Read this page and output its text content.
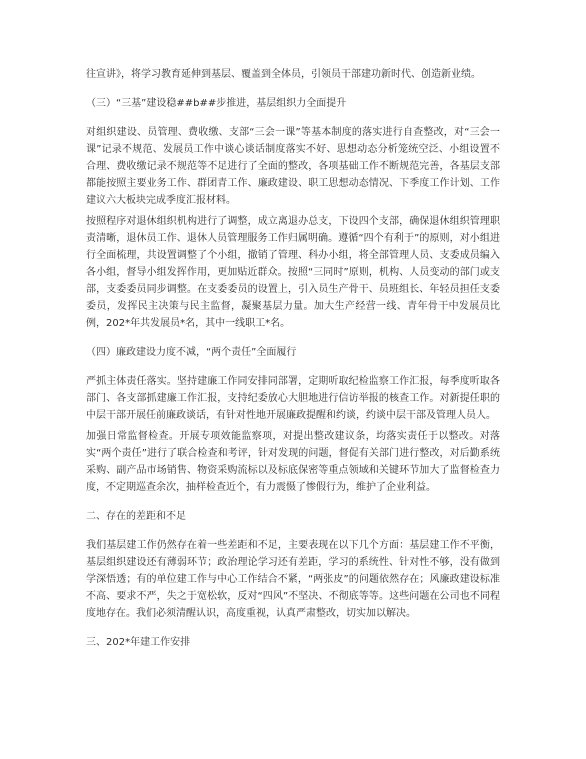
往宣讲》，将学习教育延伸到基层、覆盖到全体员，引领员干部建功新时代、创造新业绩。

（三）“三基”建设稳##b##步推进，基层组织力全面提升

对组织建设、员管理、费收缴、支部“三会一课”等基本制度的落实进行自查整改，对“三会一课”记录不规范、发展员工作中谈心谈话制度落实不好、思想动态分析笼统空泛、小组设置不合理、费收缴记录不规范等不足进行了全面的整改，各项基础工作不断规范完善，各基层支部都能按照主要业务工作、群团青工作、廉政建设、职工思想动态情况、下季度工作计划、工作建议六大板块完成季度汇报材料。

按照程序对退休组织机构进行了调整，成立离退办总支，下设四个支部，确保退休组织管理职责清晰，退休员工作、退休人员管理服务工作归属明确。遵循“四个有利于”的原则，对小组进行全面梳理，共设置调整了个小组，撤销了管理、科办小组，将全部管理人员、支委成员编入各小组，督导小组发挥作用，更加贴近群众。按照“三同时”原则，机构、人员变动的部门或支部，支委委员同步调整。在支委委员的设置上，引入员生产骨干、员班组长、年轻员担任支委委员，发挥民主决策与民主监督，凝聚基层力量。加大生产经营一线、青年骨干中发展员比例，202*年共发展员*名，其中一线职工*名。

（四）廉政建设力度不减，“两个责任”全面履行

严抓主体责任落实。坚持建廉工作同安排同部署，定期听取纪检监察工作汇报，每季度听取各部门、各支部抓建廉工作汇报，支持纪委放心大胆地进行信访举报的核查工作。对新提任职的中层干部开展任前廉政谈话，有针对性地开展廉政提醒和约谈，约谈中层干部及管理人员人。

加强日常监督检查。开展专项效能监察项，对提出整改建议条，均落实责任于以整改。对落实“两个责任”进行了联合检查和考评，针对发现的问题，督促有关部门进行整改，对后勤系统采购、副产品市场销售、物资采购流标以及标底保密等重点领域和关键环节加大了监督检查力度，不定期巡查余次，抽样检查近个，有力震慑了惨假行为，维护了企业利益。

二、存在的差距和不足

我们基层建工作仍然存在着一些差距和不足，主要表现在以下几个方面：基层建工作不平衡，基层组织建设还有薄弱环节；政治理论学习还有差距，学习的系统性、针对性不够，没有做到学深悟透；有的单位建工作与中心工作结合不紧，“两张皮”的问题依然存在；风廉政建设标准不高、要求不严，失之于宽松软，反对“四风”不坚决、不彻底等等。这些问题在公司也不同程度地存在。我们必须清醒认识，高度重视，认真严肃整改，切实加以解决。

三、202*年建工作安排
